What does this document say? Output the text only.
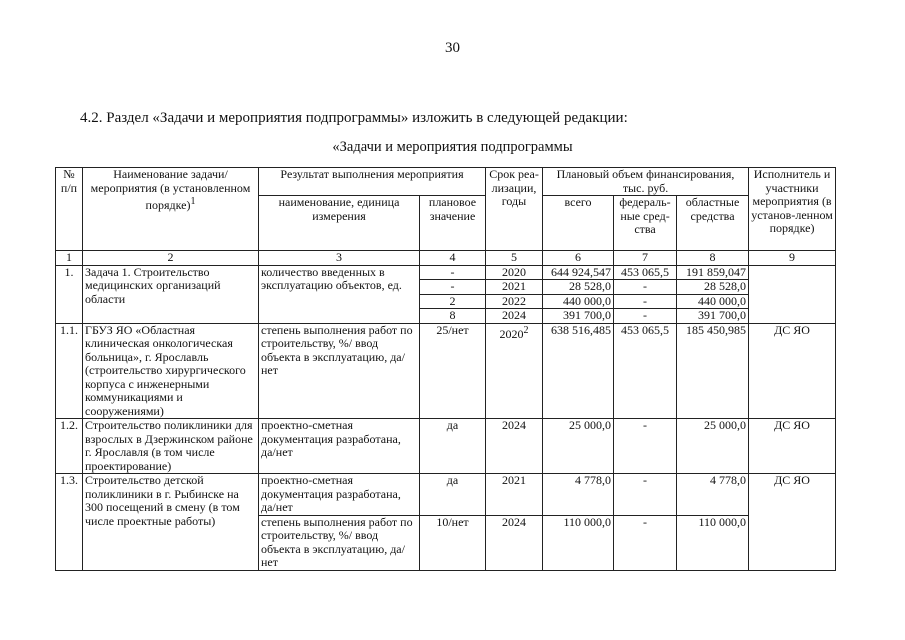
30
4.2. Раздел «Задачи и мероприятия подпрограммы» изложить в следующей редакции:
«Задачи и мероприятия подпрограммы
№ п/п	Наименование задачи/мероприятия (в установленном порядке)$^1$	Результат выполнения мероприятия		Срок реа-лизации, годы	Плановый объем финансирования, тыс. руб.			Исполнитель и участники мероприятия (в установ-ленном порядке)
		наименование, единица измерения	плановое значение		всего	федераль-ные сред-ства	областные средства	
1	2	3	4	5	6	7	8	9
1.	Задача 1. Строительство медицинских организаций области	количество введенных в эксплуатацию объектов, ед.	-	2020	644 924,547	453 065,5	191 859,047	
			-	2021	28 528,0	-	28 528,0	
			2	2022	440 000,0	-	440 000,0	
			8	2024	391 700,0	-	391 700,0	
1.1.	ГБУЗ ЯО «Областная клиническая онкологическая больница», г. Ярославль (строительство хирургического корпуса с инженерными коммуникациями и сооружениями)	степень выполнения работ по строительству, %/ ввод объекта в эксплуатацию, да/нет	25/нет	2020$^2$	638 516,485	453 065,5	185 450,985	ДС ЯО
1.2.	Строительство поликлиники для взрослых в Дзержинском районе г. Ярославля (в том числе проектирование)	проектно-сметная документация разработана, да/нет	да	2024	25 000,0	-	25 000,0	ДС ЯО
1.3.	Строительство детской поликлиники в г. Рыбинске на 300 посещений в смену (в том числе проектные работы)	проектно-сметная документация разработана, да/нет	да	2021	4 778,0	-	4 778,0	ДС ЯО
		степень выполнения работ по строительству, %/ ввод объекта в эксплуатацию, да/нет	10/нет	2024	110 000,0	-	110 000,0	
